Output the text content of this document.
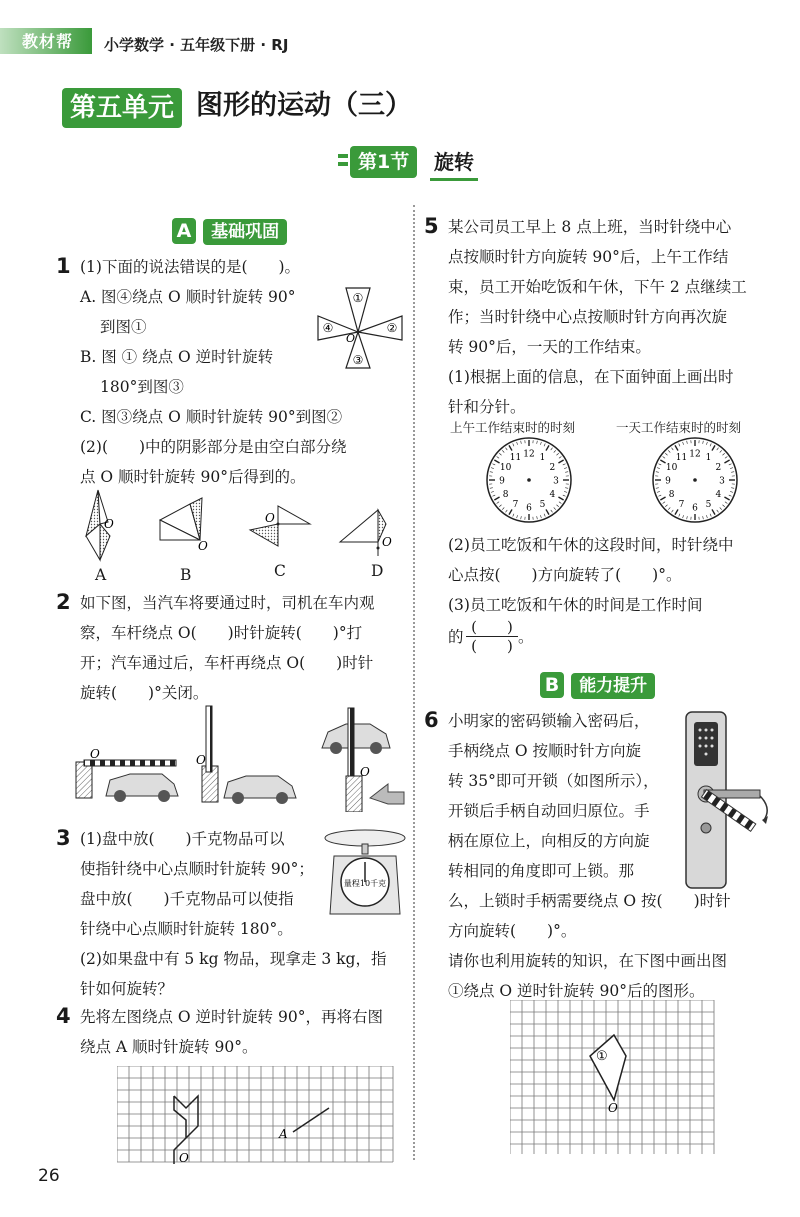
教材帮 小学数学 · 五年级下册 · RJ
第五单元 图形的运动（三）
第1节	旋转
A 基础巩固
1 (1)下面的说法错误的是(　　)。
A. 图④绕点 O 顺时针旋转 90°
到图①
B. 图 ① 绕点 O 逆时针旋转
180°到图③
C. 图③绕点 O 顺时针旋转 90°到图②
(2)(　　)中的阴影部分是由空白部分绕
点 O 顺时针旋转 90°后得到的。
①
②
③
④
O
O
O
O
O
A	B	C	D
2 如下图，当汽车将要通过时，司机在车内观
察，车杆绕点 O(　　)时针旋转(　　)°打
开；汽车通过后，车杆再绕点 O(　　)时针
旋转(　　)°关闭。
O	O
O
3 (1)盘中放(　　)千克物品可以
使指针绕中心点顺时针旋转 90°；
盘中放(　　)千克物品可以使指
针绕中心点顺时针旋转 180°。
(2)如果盘中有 5 kg 物品，现拿走 3 kg，指
针如何旋转？
量程10千克
4 先将左图绕点 O 逆时针旋转 90°，再将右图
绕点 A 顺时针旋转 90°。
O
A
5 某公司员工早上 8 点上班，当时针绕中心
点按顺时针方向旋转 90°后，上午工作结
束，员工开始吃饭和午休，下午 2 点继续工
作；当时针绕中心点按顺时针方向再次旋
转 90°后，一天的工作结束。
(1)根据上面的信息，在下面钟面上画出时
针和分针。
上午工作结束时的时刻	一天工作结束时的时刻
12 1
2
3
4
5
6
7
8
9
10
11	12 1
2
3
4
5
6
7
8
9
10
11
(2)员工吃饭和午休的这段时间，时针绕中
心点按(　　)方向旋转了(　　)°。
(3)员工吃饭和午休的时间是工作时间
的
(　　)
(　　) 。
B 能力提升
6 小明家的密码锁输入密码后，
手柄绕点 O 按顺时针方向旋
转 35°即可开锁（如图所示），
开锁后手柄自动回归原位。手
柄在原位上，向相反的方向旋
转相同的角度即可上锁。那
么，上锁时手柄需要绕点 O 按(　　)时针
方向旋转(　　)°。
请你也利用旋转的知识，在下图中画出图
①绕点 O 逆时针旋转 90°后的图形。
①
O
26
